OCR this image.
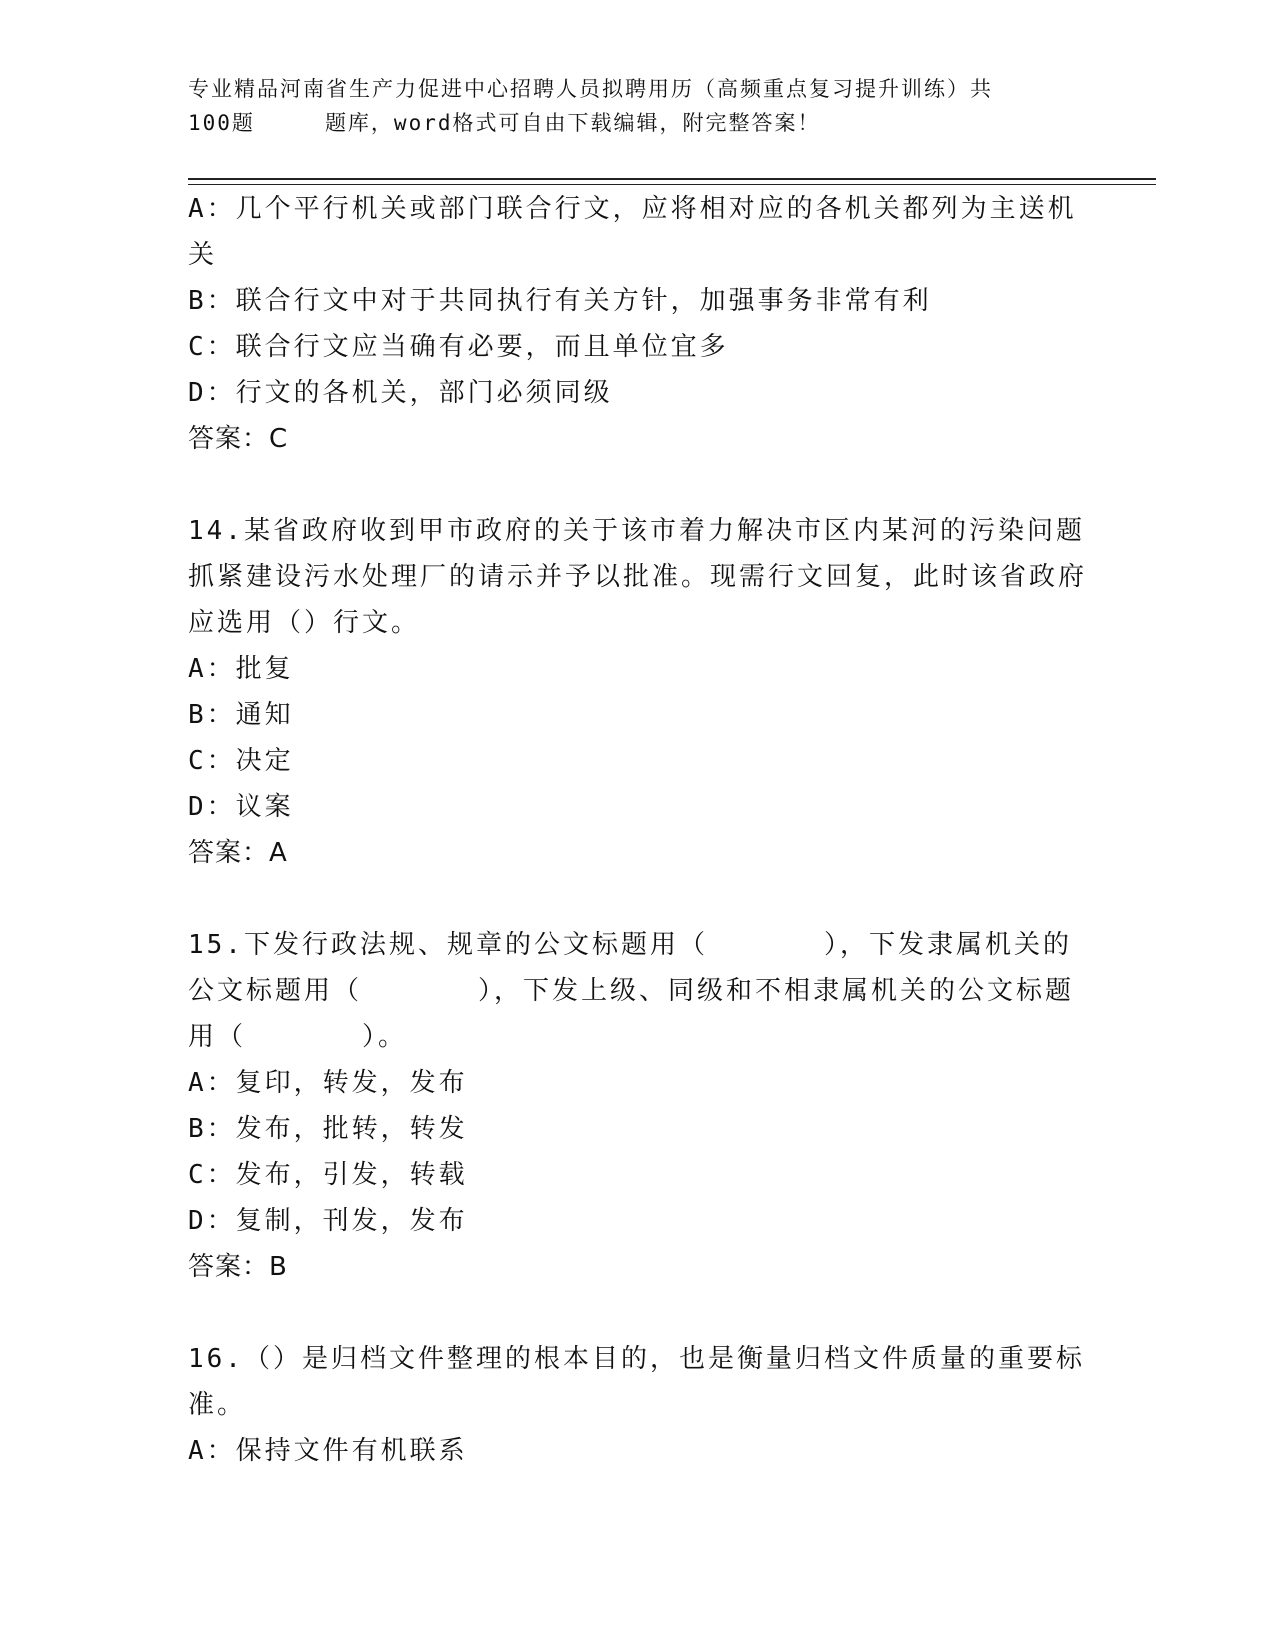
专业精品河南省生产力促进中心招聘人员拟聘用历（高频重点复习提升训练）共
100题	题库，word格式可自由下载编辑，附完整答案！
A：几个平行机关或部门联合行文，应将相对应的各机关都列为主送机关
B：联合行文中对于共同执行有关方针，加强事务非常有利
C：联合行文应当确有必要，而且单位宜多
D：行文的各机关，部门必须同级
答案：C
14.某省政府收到甲市政府的关于该市着力解决市区内某河的污染问题抓紧建设污水处理厂的请示并予以批准。现需行文回复，此时该省政府应选用（）行文。
A：批复
B：通知
C：决定
D：议案
答案：A
15.下发行政法规、规章的公文标题用（　　　　），下发隶属机关的公文标题用（　　　　），下发上级、同级和不相隶属机关的公文标题用（　　　　）。
A：复印，转发，发布
B：发布，批转，转发
C：发布，引发，转载
D：复制，刊发，发布
答案：B
16.（）是归档文件整理的根本目的，也是衡量归档文件质量的重要标准。
A：保持文件有机联系
